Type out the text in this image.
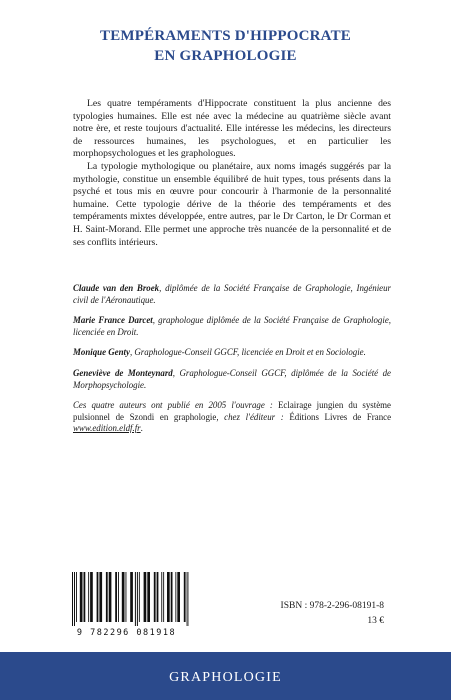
TEMPÉRAMENTS D'HIPPOCRATE
EN GRAPHOLOGIE

Les quatre tempéraments d'Hippocrate constituent la plus ancienne des typologies humaines. Elle est née avec la médecine au quatrième siècle avant notre ère, et reste toujours d'actualité. Elle intéresse les médecins, les directeurs de ressources humaines, les psychologues, et en particulier les morphopsychologues et les graphologues.

La typologie mythologique ou planétaire, aux noms imagés suggérés par la mythologie, constitue un ensemble équilibré de huit types, tous présents dans la psyché et tous mis en œuvre pour concourir à l'harmonie de la personnalité humaine. Cette typologie dérive de la théorie des tempéraments et des tempéraments mixtes développée, entre autres, par le Dr Carton, le Dr Corman et H. Saint-Morand. Elle permet une approche très nuancée de la personnalité et de ses conflits intérieurs.

Claude van den Broek, diplômée de la Société Française de Graphologie, Ingénieur civil de l'Aéronautique.

Marie France Darcet, graphologue diplômée de la Société Française de Graphologie, licenciée en Droit.

Monique Genty, Graphologue-Conseil GGCF, licenciée en Droit et en Sociologie.

Geneviève de Monteynard, Graphologue-Conseil GGCF, diplômée de la Société de Morphopsychologie.

Ces quatre auteurs ont publié en 2005 l'ouvrage : Eclairage jungien du système pulsionnel de Szondi en graphologie, chez l'éditeur : Éditions Livres de France www.edition.eldf.fr.

9 782296 081918
ISBN : 978-2-296-08191-8
13 €
GRAPHOLOGIE
